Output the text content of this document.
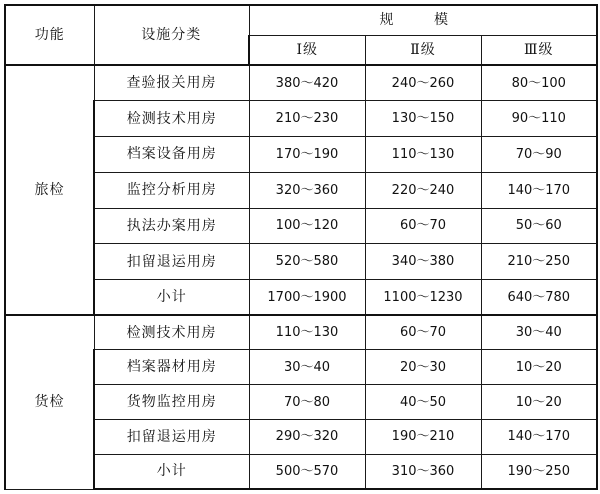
功能	设施分类	规 模		
		Ⅰ级	Ⅱ级	Ⅲ级
旅检	查验报关用房	380～420	240～260	80～100
	检测技术用房	210～230	130～150	90～110
	档案设备用房	170～190	110～130	70～90
	监控分析用房	320～360	220～240	140～170
	执法办案用房	100～120	60～70	50～60
	扣留退运用房	520～580	340～380	210～250
	小计	1700～1900	1100～1230	640～780
货检	检测技术用房	110～130	60～70	30～40
	档案器材用房	30～40	20～30	10～20
	货物监控用房	70～80	40～50	10～20
	扣留退运用房	290～320	190～210	140～170
	小计	500～570	310～360	190～250
